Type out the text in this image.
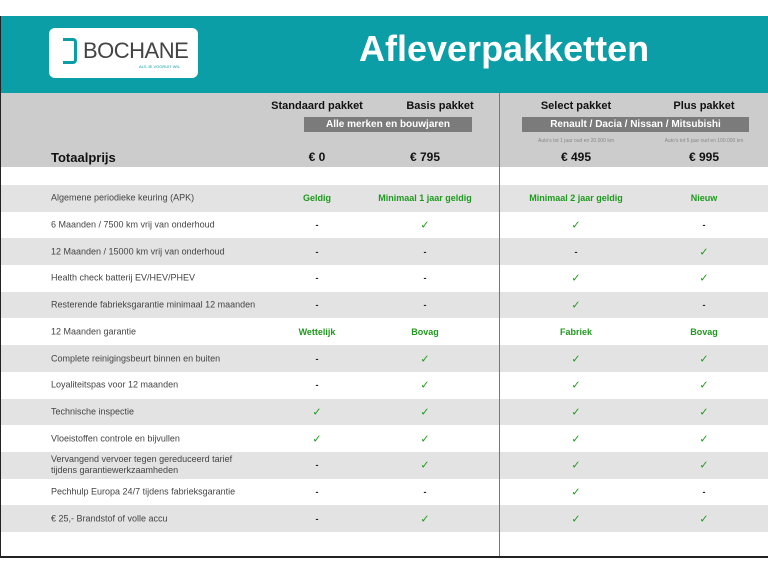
BOCHANE
ALS JE VOORUIT WIL	Afleverpakketten
Standaard pakket	Basis pakket	Select pakket	Plus pakket
Alle merken en bouwjaren	Renault / Dacia / Nissan / Mitsubishi
Auto's tot 1 jaar oud en 20.000 km	Auto's tot 5 jaar oud en 100.000 km
Totaalprijs	€ 0	€ 795	€ 495	€ 995
Algemene periodieke keuring (APK)	Geldig	Minimaal 1 jaar geldig	Minimaal 2 jaar geldig	Nieuw
6 Maanden / 7500 km vrij van onderhoud	-	✓	✓	-
12 Maanden / 15000 km vrij van onderhoud	-	-	-	✓
Health check batterij EV/HEV/PHEV	-	-	✓	✓
Resterende fabrieksgarantie minimaal 12 maanden	-	-	✓	-
12 Maanden garantie	Wettelijk	Bovag	Fabriek	Bovag
Complete reinigingsbeurt binnen en buiten	-	✓	✓	✓
Loyaliteitspas voor 12 maanden	-	✓	✓	✓
Technische inspectie	✓	✓	✓	✓
Vloeistoffen controle en bijvullen	✓	✓	✓	✓
Vervangend vervoer tegen gereduceerd tarief tijdens garantiewerkzaamheden	-	✓	✓	✓
Pechhulp Europa 24/7 tijdens fabrieksgarantie	-	-	✓	-
€ 25,- Brandstof of volle accu	-	✓	✓	✓
